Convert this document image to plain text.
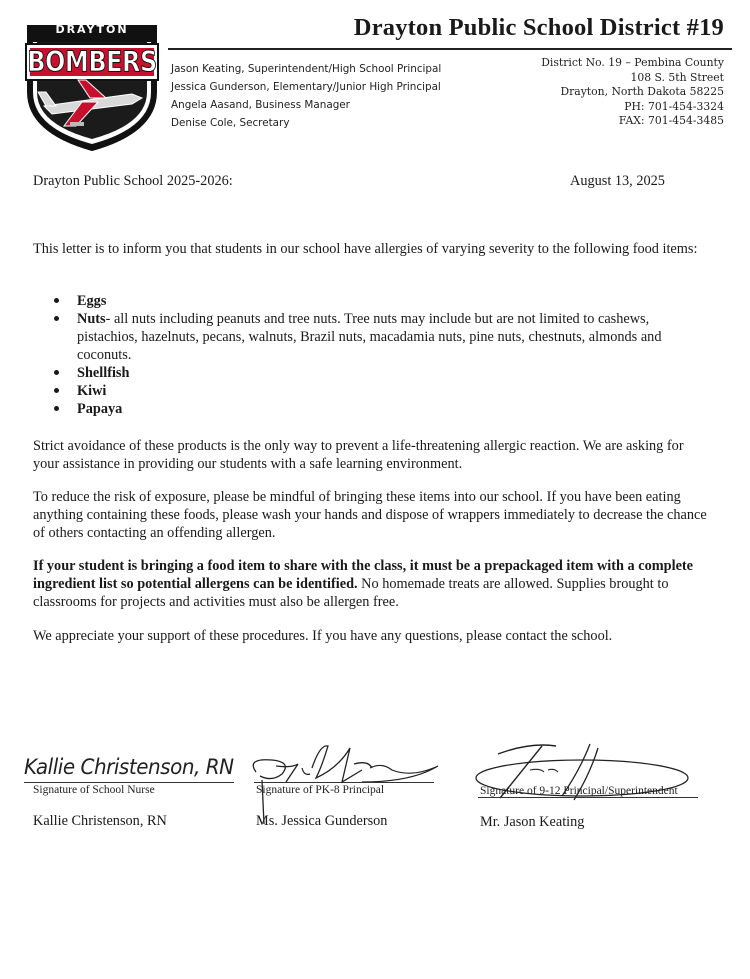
DRAYTON
BOMBERS
Drayton Public School District #19
Jason Keating, Superintendent/High School Principal
Jessica Gunderson, Elementary/Junior High Principal
Angela Aasand, Business Manager
Denise Cole, Secretary
District No. 19 – Pembina County
108 S. 5th Street
Drayton, North Dakota 58225
PH: 701-454-3324
FAX: 701-454-3485
Drayton Public School 2025-2026:	August 13, 2025
This letter is to inform you that students in our school have allergies of varying severity to the following food items:
Eggs
Nuts- all nuts including peanuts and tree nuts. Tree nuts may include but are not limited to cashews, pistachios, hazelnuts, pecans, walnuts, Brazil nuts, macadamia nuts, pine nuts, chestnuts, almonds and coconuts.
Shellfish
Kiwi
Papaya
Strict avoidance of these products is the only way to prevent a life-threatening allergic reaction. We are asking for your assistance in providing our students with a safe learning environment.
To reduce the risk of exposure, please be mindful of bringing these items into our school. If you have been eating anything containing these foods, please wash your hands and dispose of wrappers immediately to decrease the chance of others contacting an offending allergen.
If your student is bringing a food item to share with the class, it must be a prepackaged item with a complete ingredient list so potential allergens can be identified. No homemade treats are allowed. Supplies brought to classrooms for projects and activities must also be allergen free.
We appreciate your support of these procedures. If you have any questions, please contact the school.
Kallie Christenson, RN
Signature of School Nurse
Kallie Christenson, RN
Signature of PK-8 Principal
Ms. Jessica Gunderson
Signature of 9-12 Principal/Superintendent
Mr. Jason Keating
